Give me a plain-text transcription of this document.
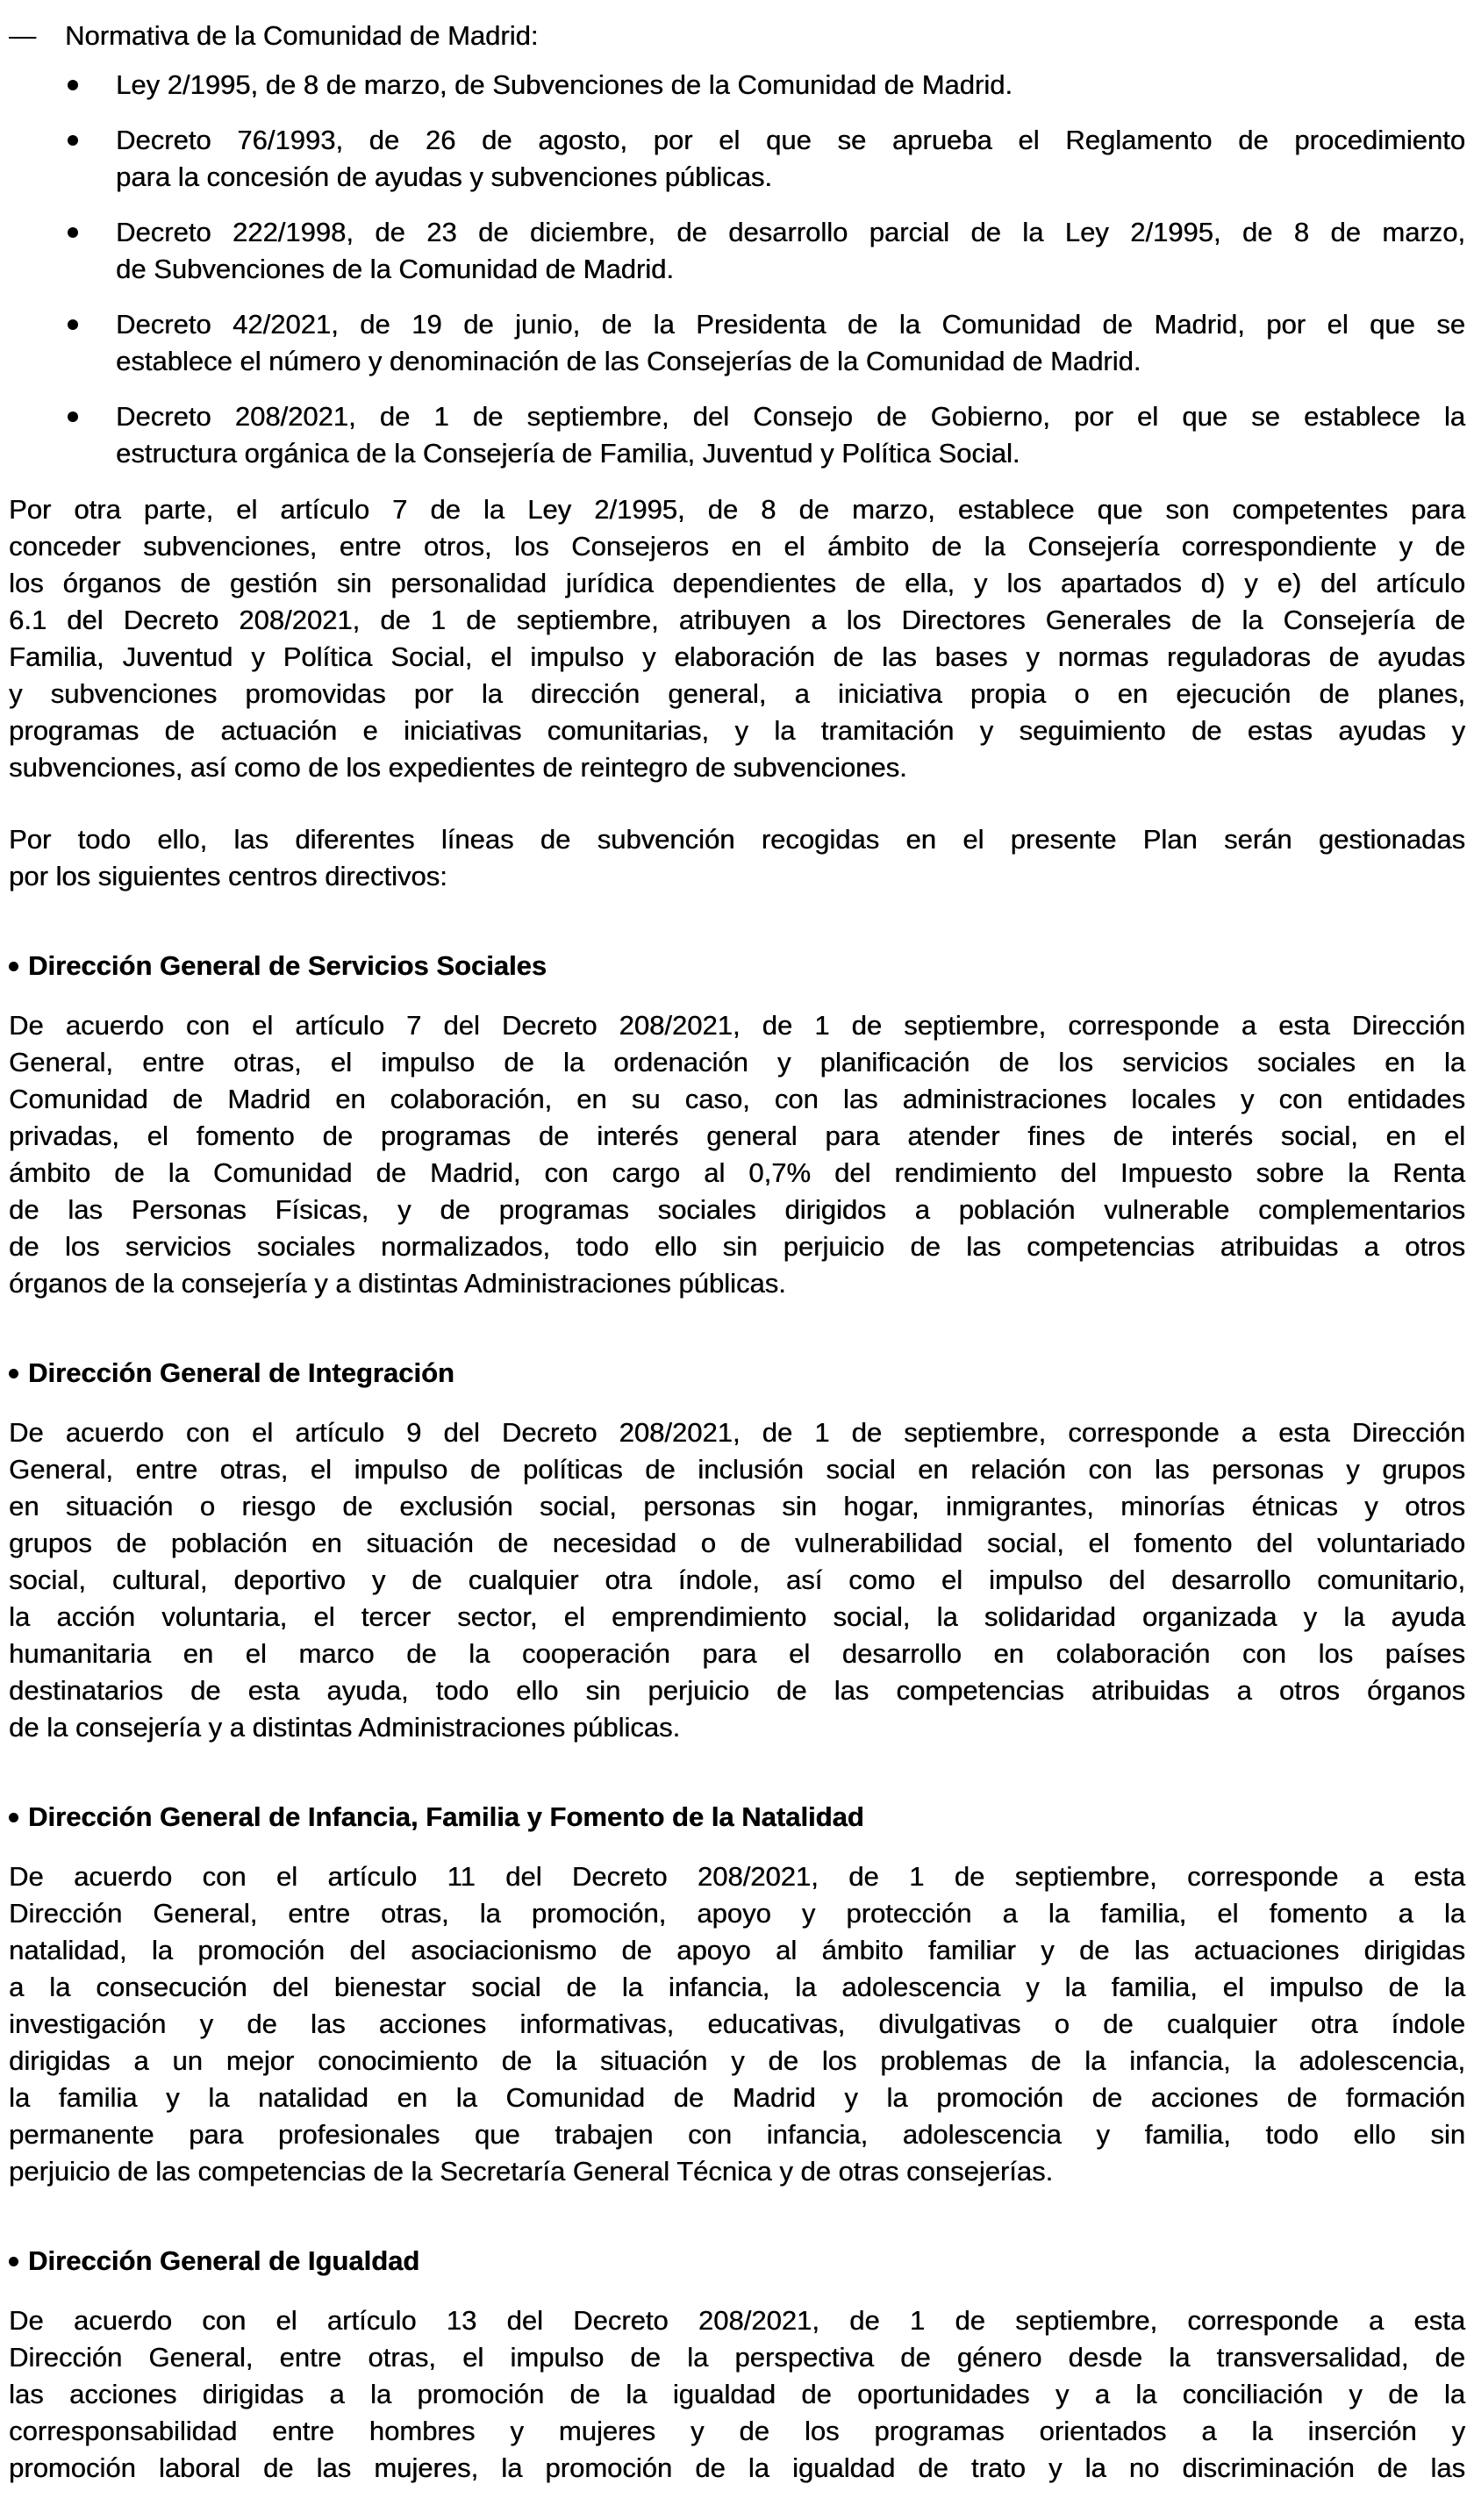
—	Normativa de la Comunidad de Madrid:
Ley 2/1995, de 8 de marzo, de Subvenciones de la Comunidad de Madrid.
Decreto 76/1993, de 26 de agosto, por el que se aprueba el Reglamento de procedimiento
para la concesión de ayudas y subvenciones públicas.
Decreto 222/1998, de 23 de diciembre, de desarrollo parcial de la Ley 2/1995, de 8 de marzo,
de Subvenciones de la Comunidad de Madrid.
Decreto 42/2021, de 19 de junio, de la Presidenta de la Comunidad de Madrid, por el que se
establece el número y denominación de las Consejerías de la Comunidad de Madrid.
Decreto 208/2021, de 1 de septiembre, del Consejo de Gobierno, por el que se establece la
estructura orgánica de la Consejería de Familia, Juventud y Política Social.
Por otra parte, el artículo 7 de la Ley 2/1995, de 8 de marzo, establece que son competentes para
conceder subvenciones, entre otros, los Consejeros en el ámbito de la Consejería correspondiente y de
los órganos de gestión sin personalidad jurídica dependientes de ella, y los apartados d) y e) del artículo
6.1 del Decreto 208/2021, de 1 de septiembre, atribuyen a los Directores Generales de la Consejería de
Familia, Juventud y Política Social, el impulso y elaboración de las bases y normas reguladoras de ayudas
y subvenciones promovidas por la dirección general, a iniciativa propia o en ejecución de planes,
programas de actuación e iniciativas comunitarias, y la tramitación y seguimiento de estas ayudas y
subvenciones, así como de los expedientes de reintegro de subvenciones.
Por todo ello, las diferentes líneas de subvención recogidas en el presente Plan serán gestionadas
por los siguientes centros directivos:
Dirección General de Servicios Sociales
De acuerdo con el artículo 7 del Decreto 208/2021, de 1 de septiembre, corresponde a esta Dirección
General, entre otras, el impulso de la ordenación y planificación de los servicios sociales en la
Comunidad de Madrid en colaboración, en su caso, con las administraciones locales y con entidades
privadas, el fomento de programas de interés general para atender fines de interés social, en el
ámbito de la Comunidad de Madrid, con cargo al 0,7% del rendimiento del Impuesto sobre la Renta
de las Personas Físicas, y de programas sociales dirigidos a población vulnerable complementarios
de los servicios sociales normalizados, todo ello sin perjuicio de las competencias atribuidas a otros
órganos de la consejería y a distintas Administraciones públicas.
Dirección General de Integración
De acuerdo con el artículo 9 del Decreto 208/2021, de 1 de septiembre, corresponde a esta Dirección
General, entre otras, el impulso de políticas de inclusión social en relación con las personas y grupos
en situación o riesgo de exclusión social, personas sin hogar, inmigrantes, minorías étnicas y otros
grupos de población en situación de necesidad o de vulnerabilidad social, el fomento del voluntariado
social, cultural, deportivo y de cualquier otra índole, así como el impulso del desarrollo comunitario,
la acción voluntaria, el tercer sector, el emprendimiento social, la solidaridad organizada y la ayuda
humanitaria en el marco de la cooperación para el desarrollo en colaboración con los países
destinatarios de esta ayuda, todo ello sin perjuicio de las competencias atribuidas a otros órganos
de la consejería y a distintas Administraciones públicas.
Dirección General de Infancia, Familia y Fomento de la Natalidad
De acuerdo con el artículo 11 del Decreto 208/2021, de 1 de septiembre, corresponde a esta
Dirección General, entre otras, la promoción, apoyo y protección a la familia, el fomento a la
natalidad, la promoción del asociacionismo de apoyo al ámbito familiar y de las actuaciones dirigidas
a la consecución del bienestar social de la infancia, la adolescencia y la familia, el impulso de la
investigación y de las acciones informativas, educativas, divulgativas o de cualquier otra índole
dirigidas a un mejor conocimiento de la situación y de los problemas de la infancia, la adolescencia,
la familia y la natalidad en la Comunidad de Madrid y la promoción de acciones de formación
permanente para profesionales que trabajen con infancia, adolescencia y familia, todo ello sin
perjuicio de las competencias de la Secretaría General Técnica y de otras consejerías.
Dirección General de Igualdad
De acuerdo con el artículo 13 del Decreto 208/2021, de 1 de septiembre, corresponde a esta
Dirección General, entre otras, el impulso de la perspectiva de género desde la transversalidad, de
las acciones dirigidas a la promoción de la igualdad de oportunidades y a la conciliación y de la
corresponsabilidad entre hombres y mujeres y de los programas orientados a la inserción y
promoción laboral de las mujeres, la promoción de la igualdad de trato y la no discriminación de las
